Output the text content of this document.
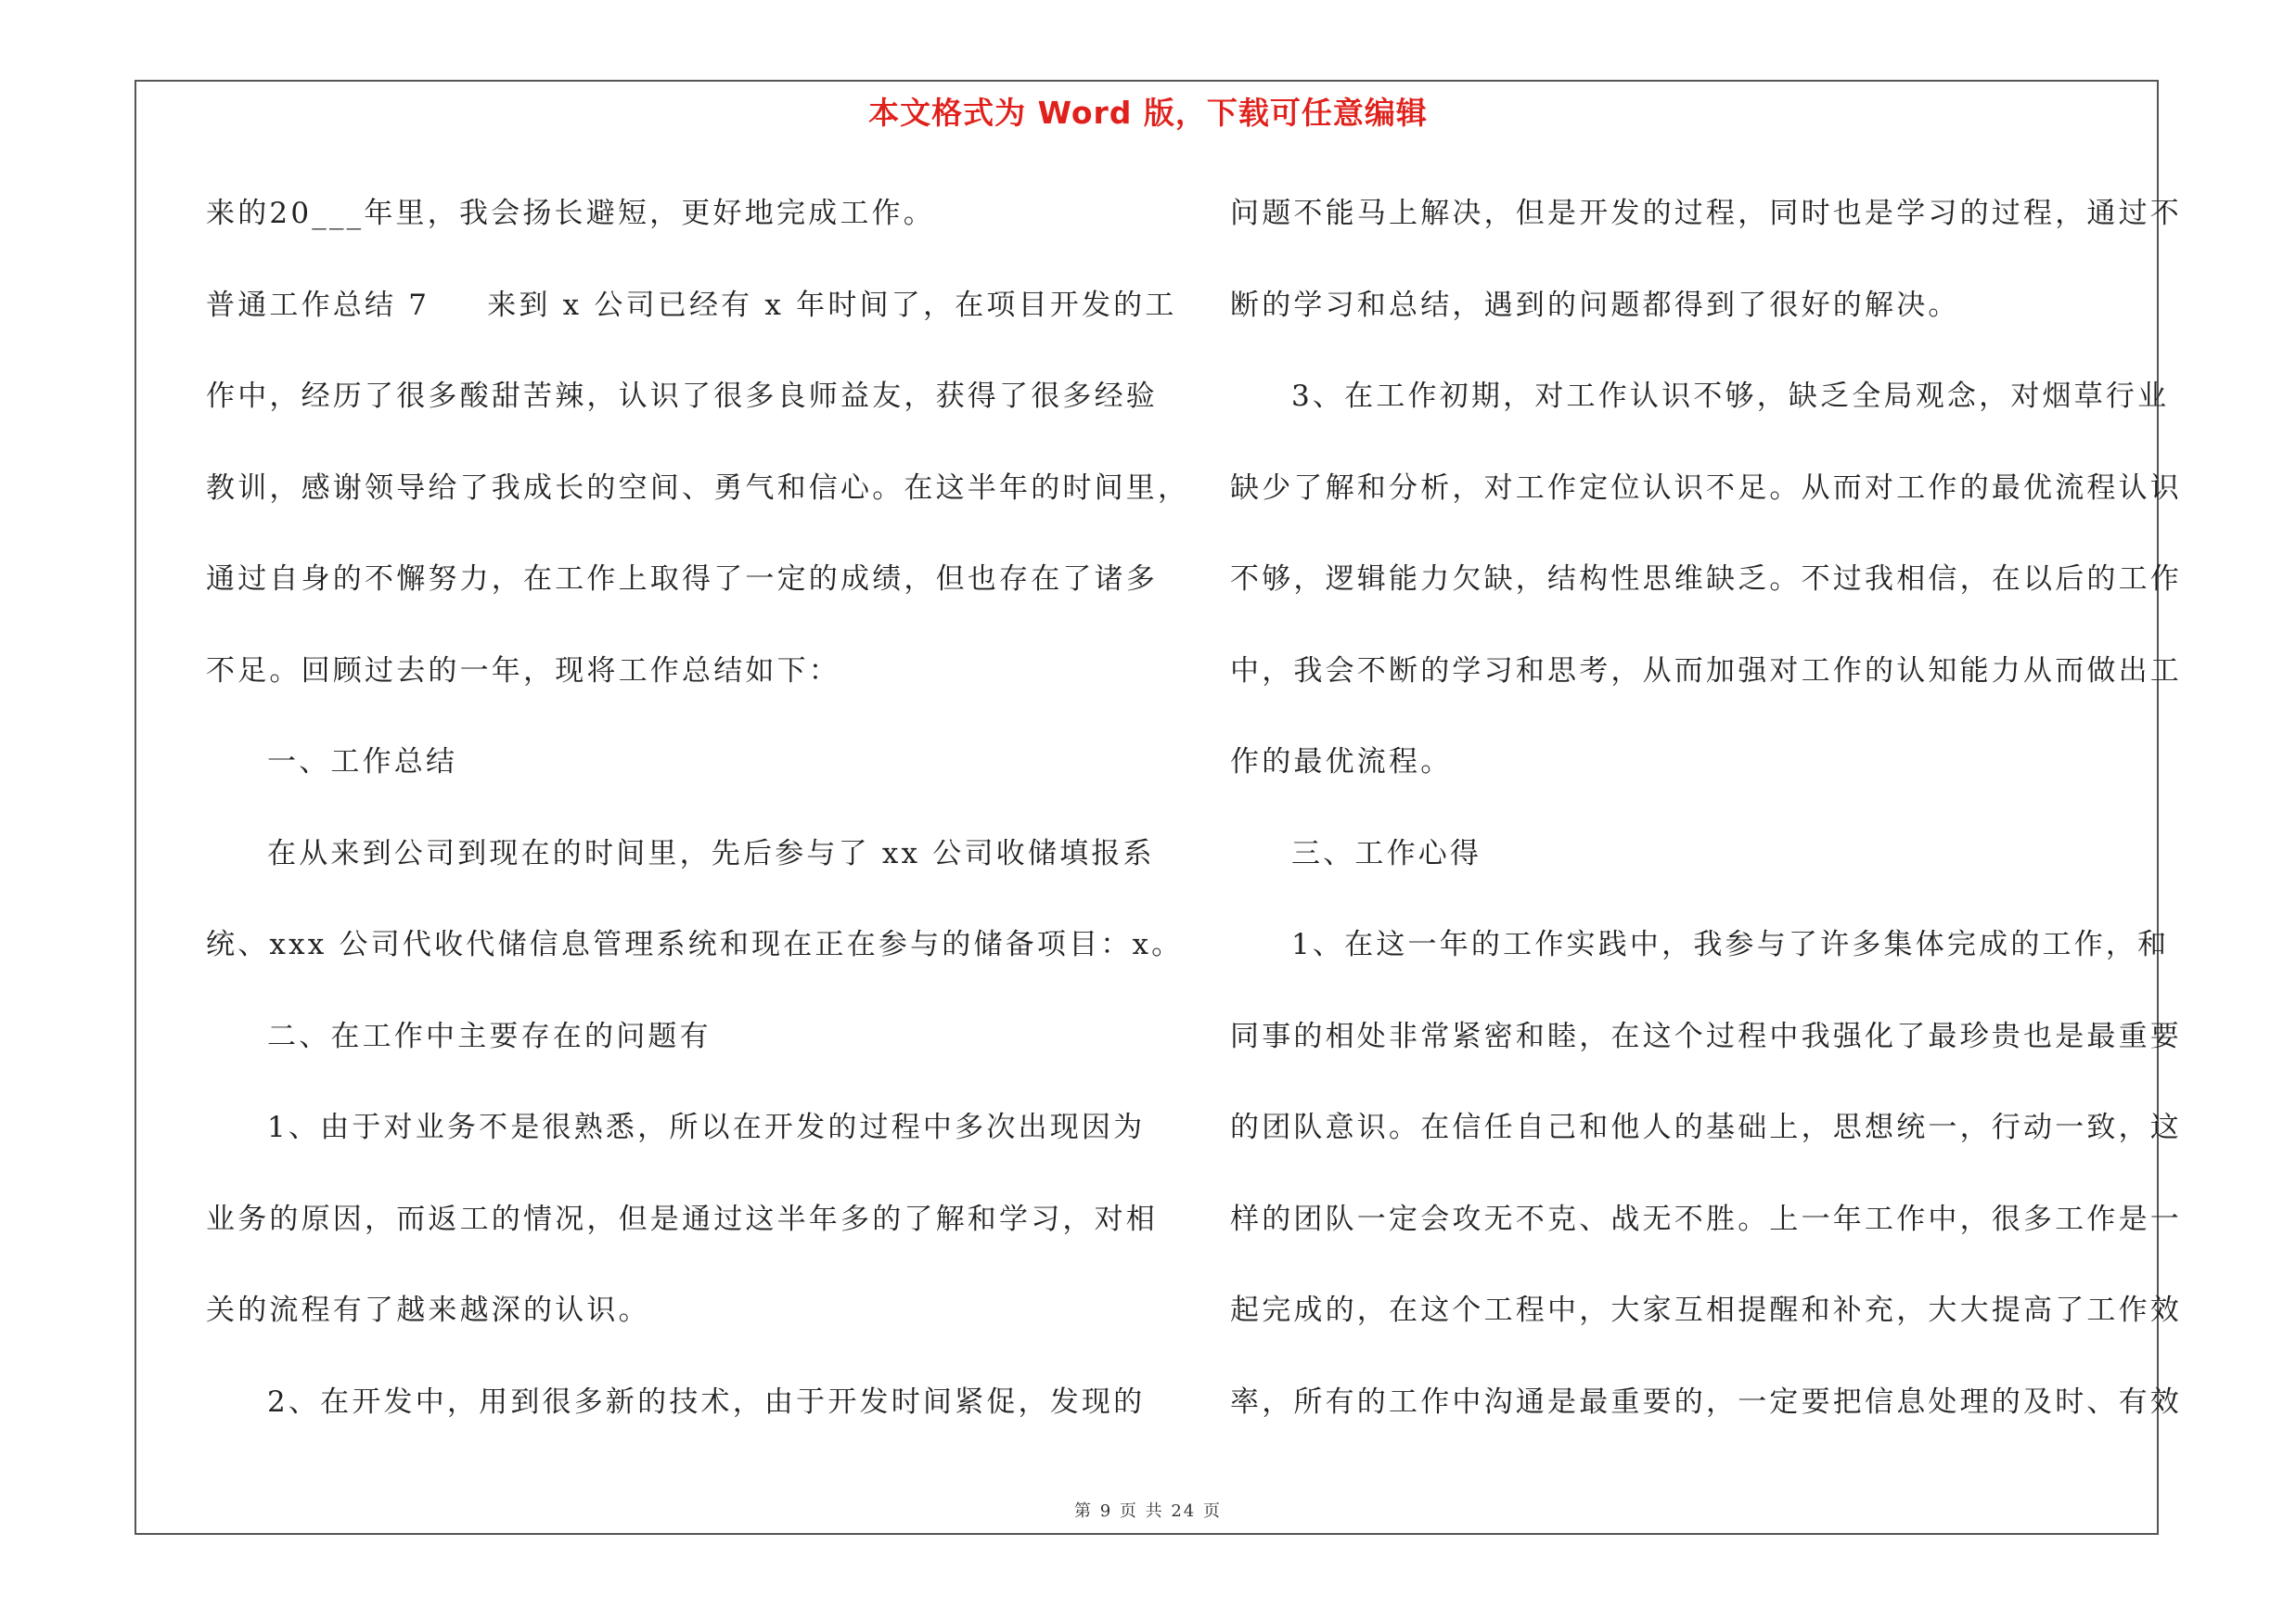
本文格式为 Word 版，下载可任意编辑
来的20___年里，我会扬长避短，更好地完成工作。
普通工作总结 7 来到 x 公司已经有 x 年时间了，在项目开发的工
作中，经历了很多酸甜苦辣，认识了很多良师益友，获得了很多经验
教训，感谢领导给了我成长的空间、勇气和信心。在这半年的时间里，
通过自身的不懈努力，在工作上取得了一定的成绩，但也存在了诸多
不足。回顾过去的一年，现将工作总结如下：
一、工作总结
在从来到公司到现在的时间里，先后参与了 xx 公司收储填报系
统、xxx 公司代收代储信息管理系统和现在正在参与的储备项目：x。
二、在工作中主要存在的问题有
1、由于对业务不是很熟悉，所以在开发的过程中多次出现因为
业务的原因，而返工的情况，但是通过这半年多的了解和学习，对相
关的流程有了越来越深的认识。
2、在开发中，用到很多新的技术，由于开发时间紧促，发现的
问题不能马上解决，但是开发的过程，同时也是学习的过程，通过不
断的学习和总结，遇到的问题都得到了很好的解决。
3、在工作初期，对工作认识不够，缺乏全局观念，对烟草行业
缺少了解和分析，对工作定位认识不足。从而对工作的最优流程认识
不够，逻辑能力欠缺，结构性思维缺乏。不过我相信，在以后的工作
中，我会不断的学习和思考，从而加强对工作的认知能力从而做出工
作的最优流程。
三、工作心得
1、在这一年的工作实践中，我参与了许多集体完成的工作，和
同事的相处非常紧密和睦，在这个过程中我强化了最珍贵也是最重要
的团队意识。在信任自己和他人的基础上，思想统一，行动一致，这
样的团队一定会攻无不克、战无不胜。上一年工作中，很多工作是一
起完成的，在这个工程中，大家互相提醒和补充，大大提高了工作效
率，所有的工作中沟通是最重要的，一定要把信息处理的及时、有效
第 9 页 共 24 页
